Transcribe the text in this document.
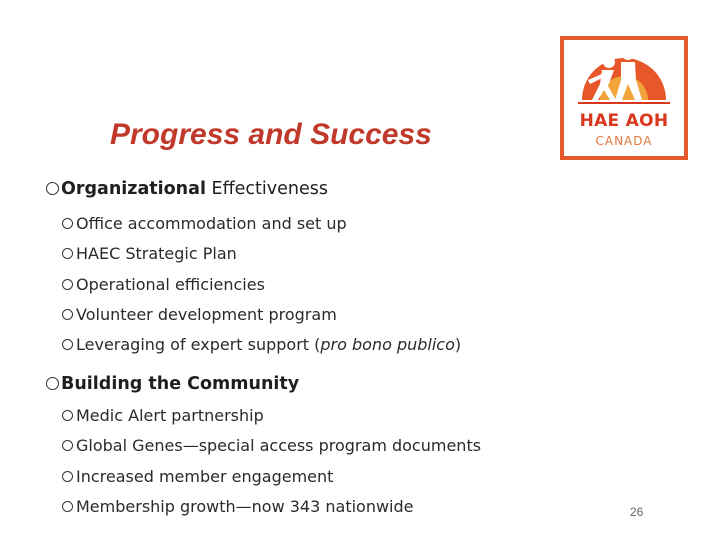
Progress and Success	HAE AOH
CANADA
Organizational Effectiveness
Office accommodation and set up
HAEC Strategic Plan
Operational efficiencies
Volunteer development program
Leveraging of expert support (pro bono publico)
Building the Community
Medic Alert partnership
Global Genes—special access program documents
Increased member engagement
Membership growth—now 343 nationwide	26
